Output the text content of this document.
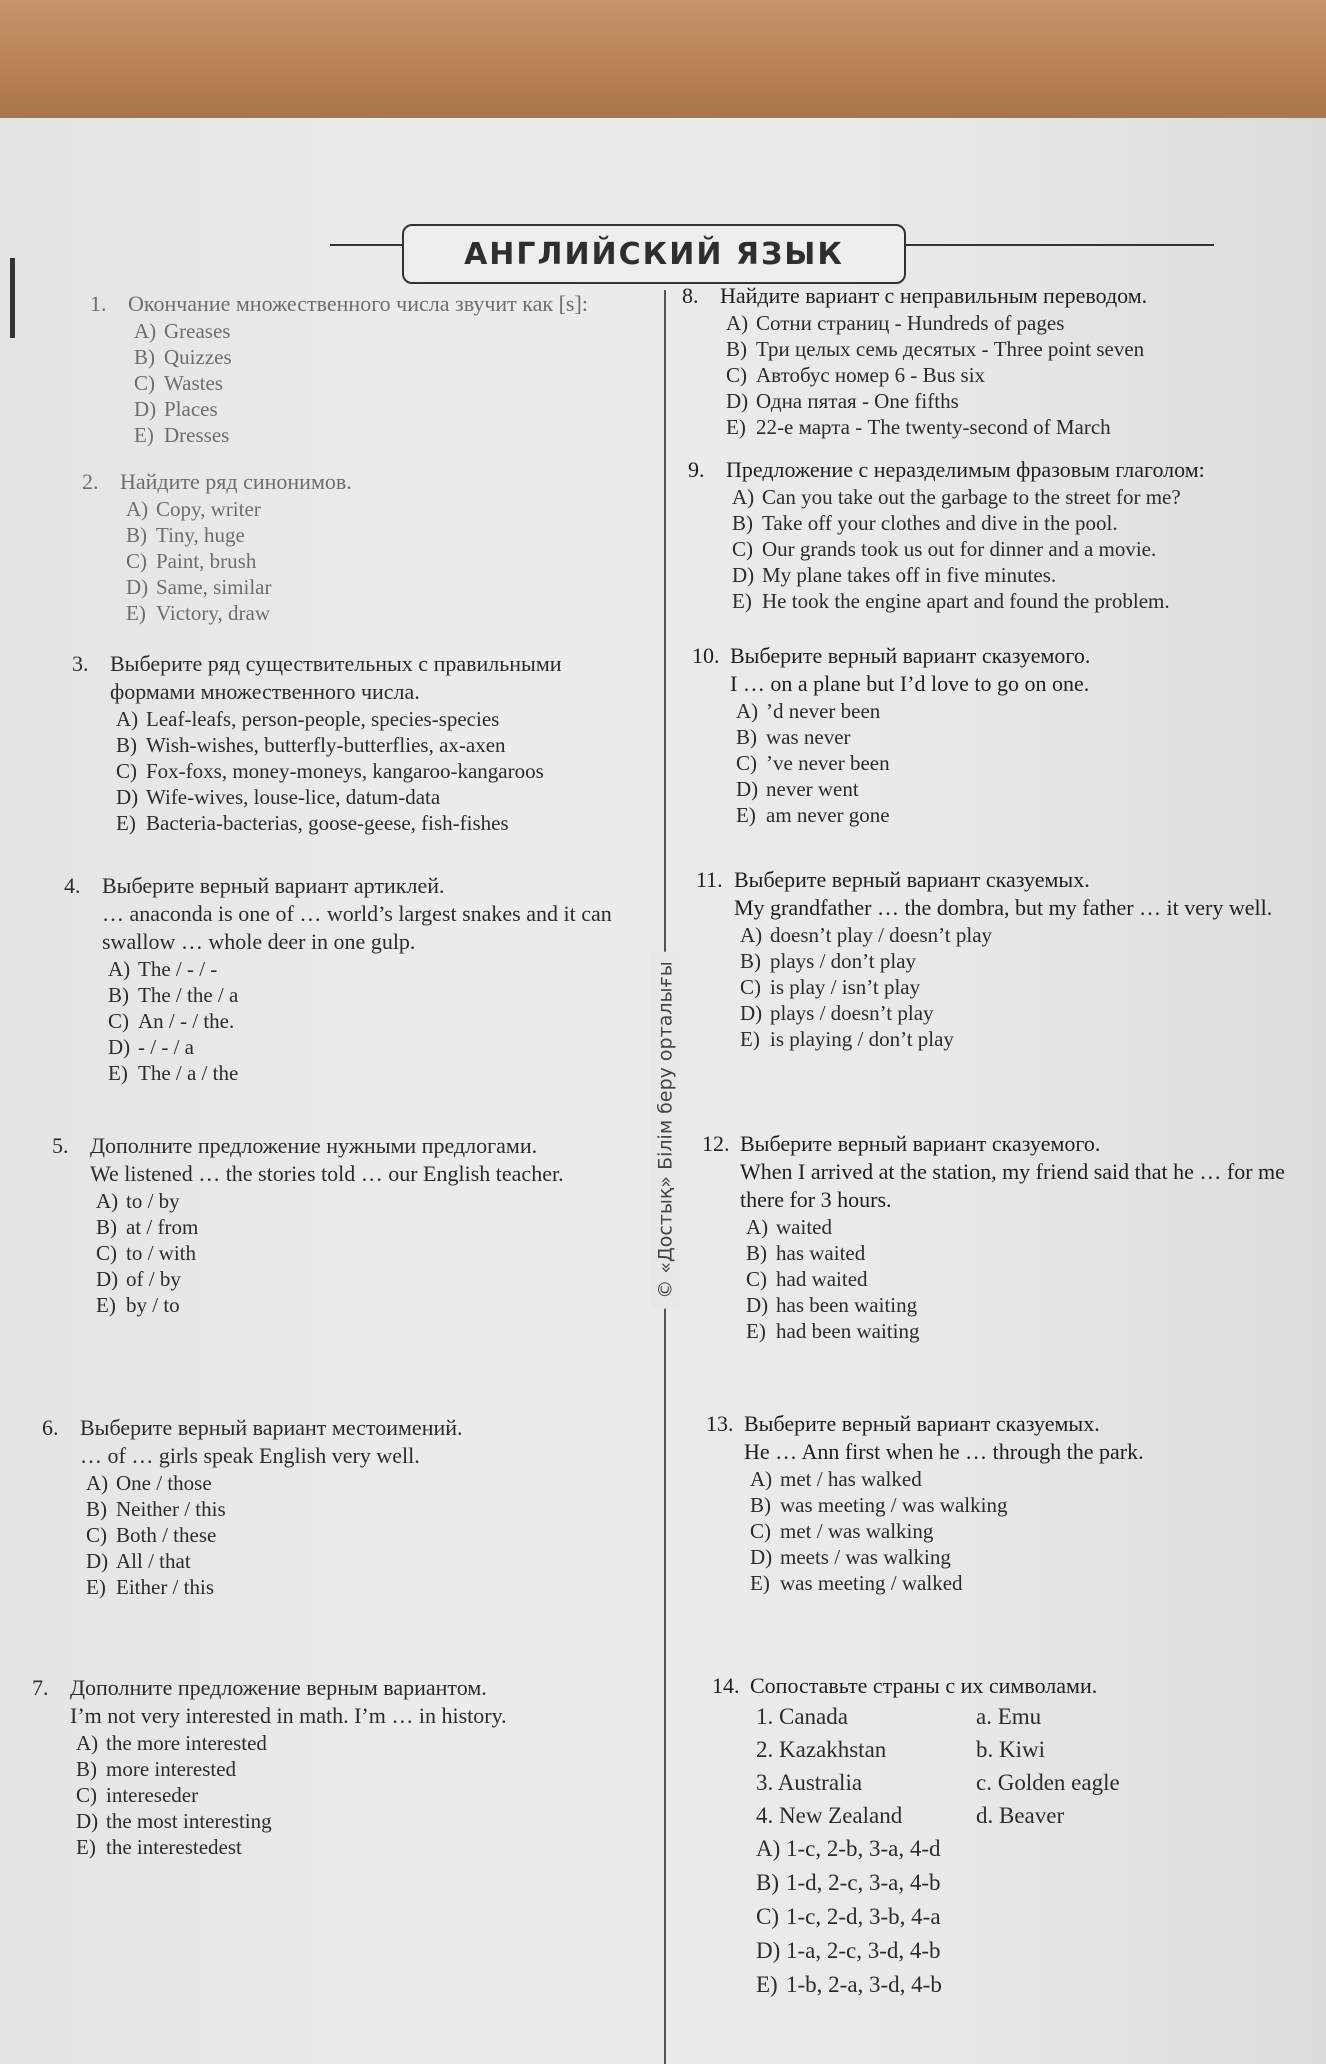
АНГЛИЙСКИЙ ЯЗЫК
© «Достық» Білім беру орталығы
1. Окончание множественного числа звучит как [s]:
A) Greases
B) Quizzes
C) Wastes
D) Places
E) Dresses
2. Найдите ряд синонимов.
A) Copy, writer
B) Tiny, huge
C) Paint, brush
D) Same, similar
E) Victory, draw
3. Выберите ряд существительных с правильными формами множественного числа.
A) Leaf-leafs, person-people, species-species
B) Wish-wishes, butterfly-butterflies, ax-axen
C) Fox-foxs, money-moneys, kangaroo-kangaroos
D) Wife-wives, louse-lice, datum-data
E) Bacteria-bacterias, goose-geese, fish-fishes
4. Выберите верный вариант артиклей.
… anaconda is one of … world’s largest snakes and it can swallow … whole deer in one gulp.
A) The / - / -
B) The / the / a
C) An / - / the.
D) - / - / a
E) The / a / the
5. Дополните предложение нужными предлогами.
We listened … the stories told … our English teacher.
A) to / by
B) at / from
C) to / with
D) of / by
E) by / to
6. Выберите верный вариант местоимений.
… of … girls speak English very well.
A) One / those
B) Neither / this
C) Both / these
D) All / that
E) Either / this
7. Дополните предложение верным вариантом.
I’m not very interested in math. I’m … in history.
A) the more interested
B) more interested
C) intereseder
D) the most interesting
E) the interestedest
8. Найдите вариант с неправильным переводом.
A) Сотни страниц - Hundreds of pages
B) Три целых семь десятых - Three point seven
C) Автобус номер 6 - Bus six
D) Одна пятая - One fifths
E) 22-е марта - The twenty-second of March
9. Предложение с неразделимым фразовым глаголом:
A) Can you take out the garbage to the street for me?
B) Take off your clothes and dive in the pool.
C) Our grands took us out for dinner and a movie.
D) My plane takes off in five minutes.
E) He took the engine apart and found the problem.
10. Выберите верный вариант сказуемого.
I … on a plane but I’d love to go on one.
A) ’d never been
B) was never
C) ’ve never been
D) never went
E) am never gone
11. Выберите верный вариант сказуемых.
My grandfather … the dombra, but my father … it very well.
A) doesn’t play / doesn’t play
B) plays / don’t play
C) is play / isn’t play
D) plays / doesn’t play
E) is playing / don’t play
12. Выберите верный вариант сказуемого.
When I arrived at the station, my friend said that he … for me there for 3 hours.
A) waited
B) has waited
C) had waited
D) has been waiting
E) had been waiting
13. Выберите верный вариант сказуемых.
He … Ann first when he … through the park.
A) met / has walked
B) was meeting / was walking
C) met / was walking
D) meets / was walking
E) was meeting / walked
14. Сопоставьте страны с их символами.
1. Canada	a. Emu
2. Kazakhstan	b. Kiwi
3. Australia	c. Golden eagle
4. New Zealand	d. Beaver
A) 1-c, 2-b, 3-a, 4-d
B) 1-d, 2-c, 3-a, 4-b
C) 1-c, 2-d, 3-b, 4-a
D) 1-a, 2-c, 3-d, 4-b
E) 1-b, 2-a, 3-d, 4-b
